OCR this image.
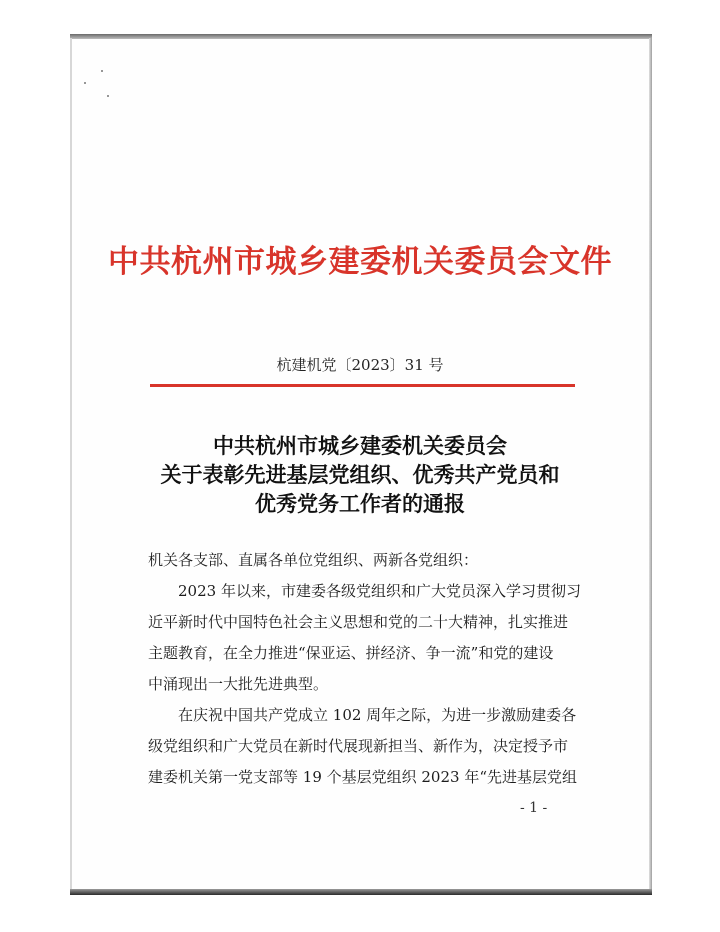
中共杭州市城乡建委机关委员会文件
杭建机党〔2023〕31 号
中共杭州市城乡建委机关委员会
关于表彰先进基层党组织、优秀共产党员和
优秀党务工作者的通报
机关各支部、直属各单位党组织、两新各党组织：
2023 年以来，市建委各级党组织和广大党员深入学习贯彻习
近平新时代中国特色社会主义思想和党的二十大精神，扎实推进
主题教育，在全力推进“保亚运、拼经济、争一流”和党的建设
中涌现出一大批先进典型。
在庆祝中国共产党成立 102 周年之际，为进一步激励建委各
级党组织和广大党员在新时代展现新担当、新作为，决定授予市
建委机关第一党支部等 19 个基层党组织 2023 年“先进基层党组
- 1 -
